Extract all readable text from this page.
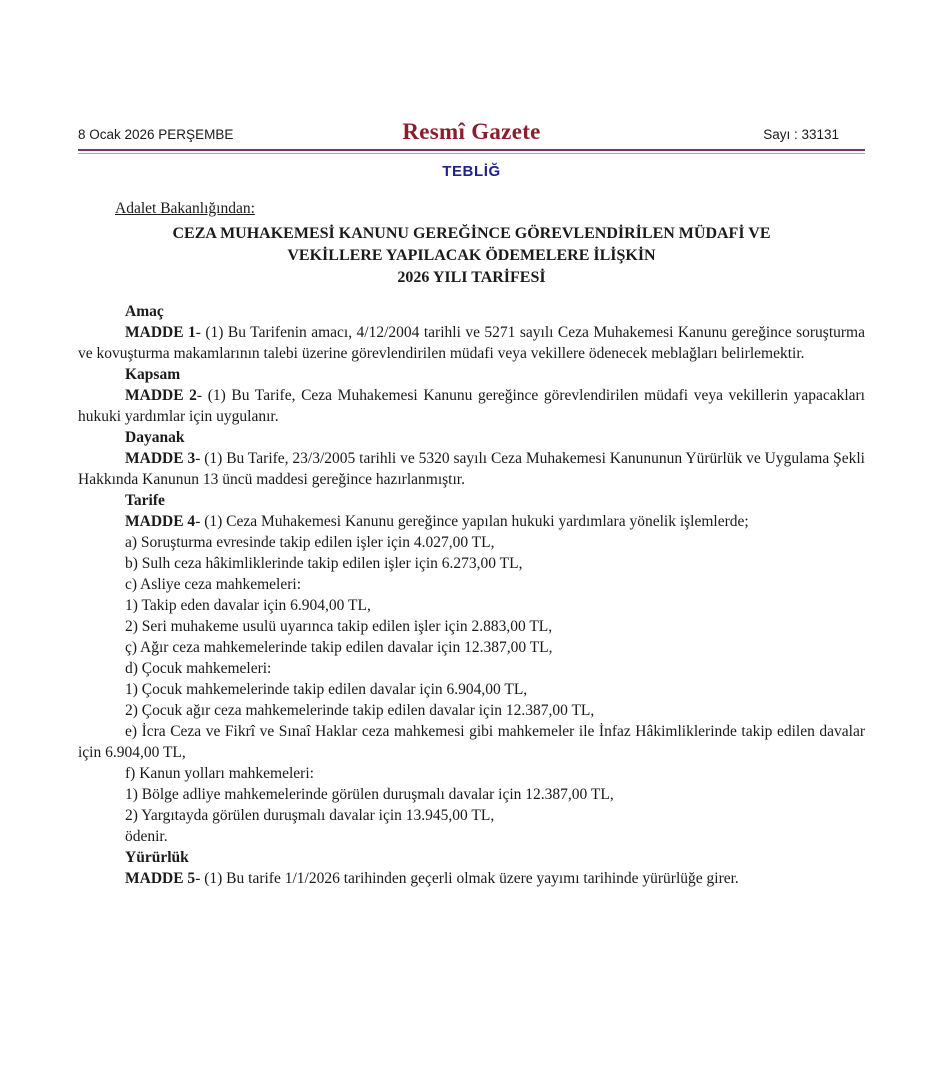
8 Ocak 2026 PERŞEMBE	Resmî Gazete	Sayı : 33131
TEBLİĞ
Adalet Bakanlığından:
CEZA MUHAKEMESİ KANUNU GEREĞİNCE GÖREVLENDİRİLEN MÜDAFİ VE
VEKİLLERE YAPILACAK ÖDEMELERE İLİŞKİN
2026 YILI TARİFESİ

Amaç

MADDE 1- (1) Bu Tarifenin amacı, 4/12/2004 tarihli ve 5271 sayılı Ceza Muhakemesi Kanunu gereğince soruşturma ve kovuşturma makamlarının talebi üzerine görevlendirilen müdafi veya vekillere ödenecek meblağları belirlemektir.

Kapsam

MADDE 2- (1) Bu Tarife, Ceza Muhakemesi Kanunu gereğince görevlendirilen müdafi veya vekillerin yapacakları hukuki yardımlar için uygulanır.

Dayanak

MADDE 3- (1) Bu Tarife, 23/3/2005 tarihli ve 5320 sayılı Ceza Muhakemesi Kanununun Yürürlük ve Uygulama Şekli Hakkında Kanunun 13 üncü maddesi gereğince hazırlanmıştır.

Tarife

MADDE 4- (1) Ceza Muhakemesi Kanunu gereğince yapılan hukuki yardımlara yönelik işlemlerde;

a) Soruşturma evresinde takip edilen işler için 4.027,00 TL,

b) Sulh ceza hâkimliklerinde takip edilen işler için 6.273,00 TL,

c) Asliye ceza mahkemeleri:

1) Takip eden davalar için 6.904,00 TL,

2) Seri muhakeme usulü uyarınca takip edilen işler için 2.883,00 TL,

ç) Ağır ceza mahkemelerinde takip edilen davalar için 12.387,00 TL,

d) Çocuk mahkemeleri:

1) Çocuk mahkemelerinde takip edilen davalar için 6.904,00 TL,

2) Çocuk ağır ceza mahkemelerinde takip edilen davalar için 12.387,00 TL,

e) İcra Ceza ve Fikrî ve Sınaî Haklar ceza mahkemesi gibi mahkemeler ile İnfaz Hâkimliklerinde takip edilen davalar için 6.904,00 TL,

f) Kanun yolları mahkemeleri:

1) Bölge adliye mahkemelerinde görülen duruşmalı davalar için 12.387,00 TL,

2) Yargıtayda görülen duruşmalı davalar için 13.945,00 TL,

ödenir.

Yürürlük

MADDE 5- (1) Bu tarife 1/1/2026 tarihinden geçerli olmak üzere yayımı tarihinde yürürlüğe girer.
